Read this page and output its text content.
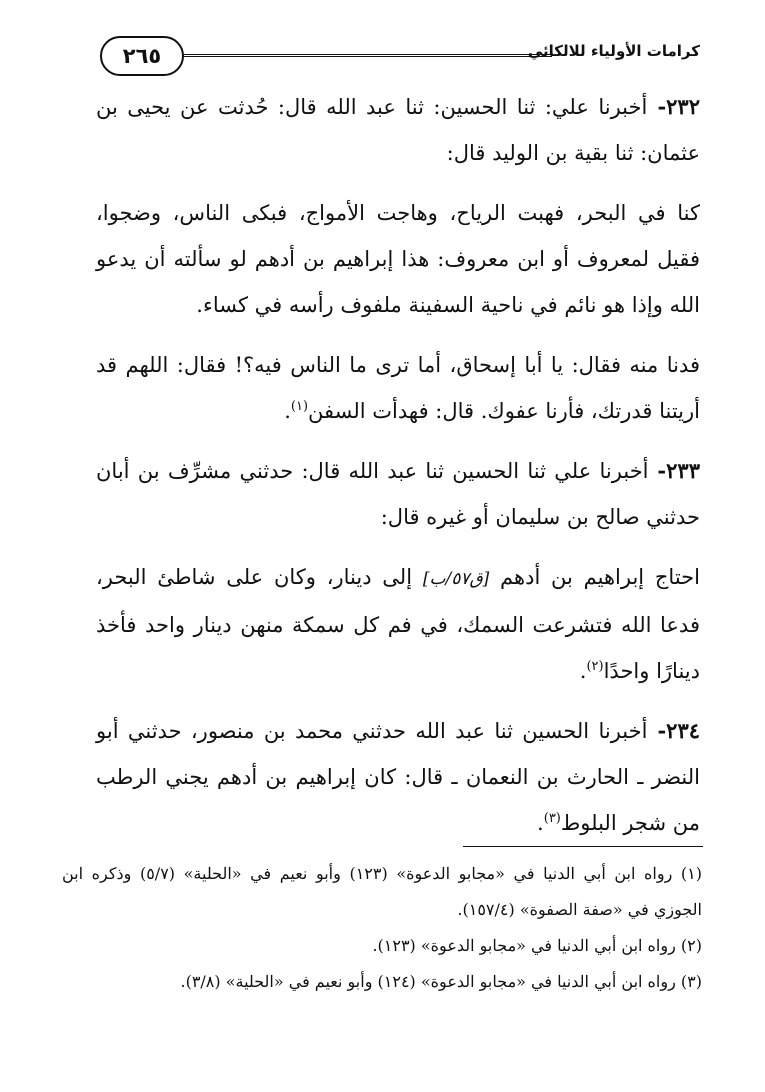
٢٦٥	كرامات الأولياء للالكائي

٢٣٢- أخبرنا علي: ثنا الحسين: ثنا عبد الله قال: حُدثت عن يحيى بن عثمان: ثنا بقية بن الوليد قال:

كنا في البحر، فهبت الرياح، وهاجت الأمواج، فبكى الناس، وضجوا، فقيل لمعروف أو ابن معروف: هذا إبراهيم بن أدهم لو سألته أن يدعو الله وإذا هو نائم في ناحية السفينة ملفوف رأسه في كساء.

فدنا منه فقال: يا أبا إسحاق، أما ترى ما الناس فيه؟! فقال: اللهم قد أريتنا قدرتك، فأرنا عفوك. قال: فهدأت السفن$^{(١)}$.

٢٣٣- أخبرنا علي ثنا الحسين ثنا عبد الله قال: حدثني مشرِّف بن أبان حدثني صالح بن سليمان أو غيره قال:

احتاج إبراهيم بن أدهم [ق٥٧/ب] إلى دينار، وكان على شاطئ البحر، فدعا الله فتشرعت السمك، في فم كل سمكة منهن دينار واحد فأخذ دينارًا واحدًا$^{(٢)}$.

٢٣٤- أخبرنا الحسين ثنا عبد الله حدثني محمد بن منصور، حدثني أبو النضر ـ الحارث بن النعمان ـ قال: كان إبراهيم بن أدهم يجني الرطب من شجر البلوط$^{(٣)}$.

(١) رواه ابن أبي الدنيا في «مجابو الدعوة» (١٢٣) وأبو نعيم في «الحلية» (٥/٧) وذكره ابن الجوزي في «صفة الصفوة» (١٥٧/٤).

(٢) رواه ابن أبي الدنيا في «مجابو الدعوة» (١٢٣).

(٣) رواه ابن أبي الدنيا في «مجابو الدعوة» (١٢٤) وأبو نعيم في «الحلية» (٣/٨).
